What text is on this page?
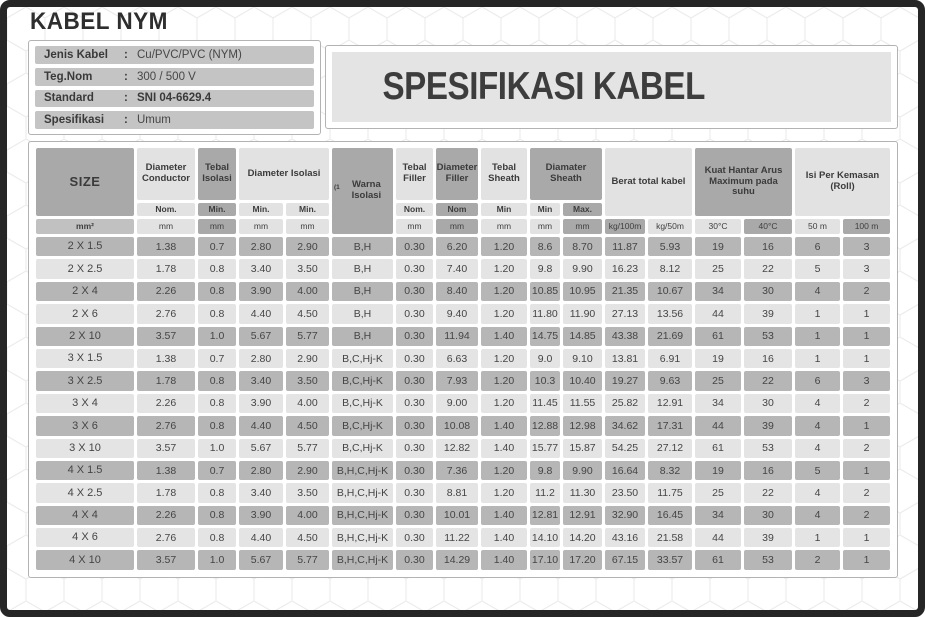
KABEL NYM
Jenis Kabel	: Cu/PVC/PVC (NYM)
Teg.Nom	: 300 / 500 V
Standard	: SNI 04-6629.4
Spesifikasi	: Umum
SPESIFIKASI KABEL
SIZE
Diameter Conductor
Tebal Isolasi	Diameter Isolasi
$^{(1}$ Warna Isolasi
Tebal Filler
Diameter Filler
Tebal Sheath
Diamater Sheath	Berat total kabel
Kuat Hantar Arus Maximum pada suhu
Isi Per Kemasan (Roll)
Nom.	Min.	Min.	Min.	Nom.	Nom	Min	Min	Max.
mm²	mm	mm	mm	mm	mm	mm	mm	mm	mm	kg/100m	kg/50m	30°C	40°C	50 m	100 m
2 X 1.5	1.38	0.7	2.80	2.90	B,H	0.30	6.20	1.20	8.6	8.70	11.87	5.93	19	16	6	3
2 X 2.5	1.78	0.8	3.40	3.50	B,H	0.30	7.40	1.20	9.8	9.90	16.23	8.12	25	22	5	3
2 X 4	2.26	0.8	3.90	4.00	B,H	0.30	8.40	1.20	10.85	10.95	21.35	10.67	34	30	4	2
2 X 6	2.76	0.8	4.40	4.50	B,H	0.30	9.40	1.20	11.80	11.90	27.13	13.56	44	39	1	1
2 X 10	3.57	1.0	5.67	5.77	B,H	0.30	11.94	1.40	14.75	14.85	43.38	21.69	61	53	1	1
3 X 1.5	1.38	0.7	2.80	2.90	B,C,Hj-K	0.30	6.63	1.20	9.0	9.10	13.81	6.91	19	16	1	1
3 X 2.5	1.78	0.8	3.40	3.50	B,C,Hj-K	0.30	7.93	1.20	10.3	10.40	19.27	9.63	25	22	6	3
3 X 4	2.26	0.8	3.90	4.00	B,C,Hj-K	0.30	9.00	1.20	11.45	11.55	25.82	12.91	34	30	4	2
3 X 6	2.76	0.8	4.40	4.50	B,C,Hj-K	0.30	10.08	1.40	12.88	12.98	34.62	17.31	44	39	4	1
3 X 10	3.57	1.0	5.67	5.77	B,C,Hj-K	0.30	12.82	1.40	15.77	15.87	54.25	27.12	61	53	4	2
4 X 1.5	1.38	0.7	2.80	2.90	B,H,C,Hj-K	0.30	7.36	1.20	9.8	9.90	16.64	8.32	19	16	5	1
4 X 2.5	1.78	0.8	3.40	3.50	B,H,C,Hj-K	0.30	8.81	1.20	11.2	11.30	23.50	11.75	25	22	4	2
4 X 4	2.26	0.8	3.90	4.00	B,H,C,Hj-K	0.30	10.01	1.40	12.81	12.91	32.90	16.45	34	30	4	2
4 X 6	2.76	0.8	4.40	4.50	B,H,C,Hj-K	0.30	11.22	1.40	14.10	14.20	43.16	21.58	44	39	1	1
4 X 10	3.57	1.0	5.67	5.77	B,H,C,Hj-K	0.30	14.29	1.40	17.10	17.20	67.15	33.57	61	53	2	1
